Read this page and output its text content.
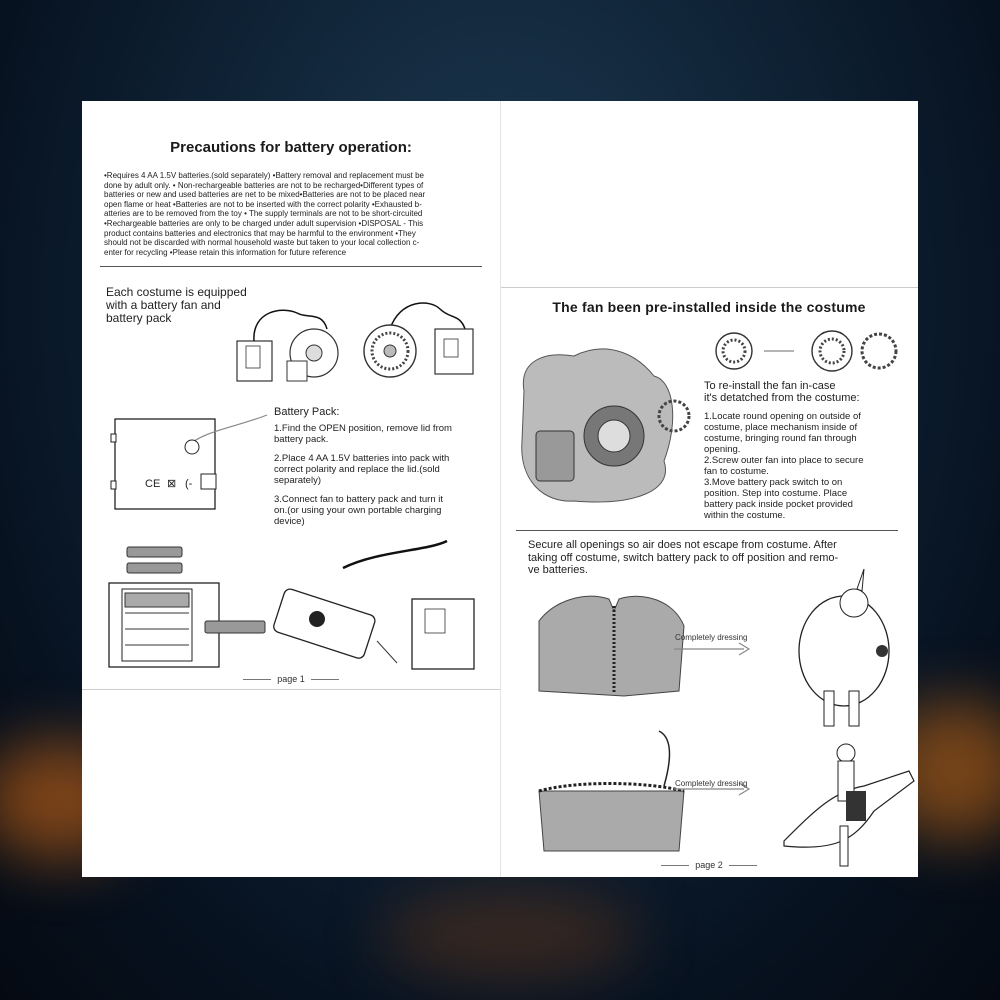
Precautions for battery operation:
•Requires 4 AA 1.5V batteries.(sold separately) •Battery removal and replacement must be
done by adult only. • Non-rechargeable batteries are not to be recharged•Different types of
batteries or new and used batteries are net to be mixed•Batteries are not to be placed near
open flame or heat •Batteries are not to be inserted with the correct polarity •Exhausted b-
atteries are to be removed from the toy • The supply terminals are not to be short-circuited
•Rechargeable batteries are only to be charged under adult supervision •DISPOSAL - This
product contains batteries and electronics that may be harmful to the environment •They
should not be discarded with normal household waste but taken to your local collection c-
enter for recycling •Please retain this information for future reference
Each costume is equipped
with a battery fan and
battery pack
CE ⊠ (-
Battery Pack:
1.Find the OPEN position, remove lid from
battery pack.
2.Place 4 AA 1.5V batteries into pack with
correct polarity and replace the lid.(sold
separately)
3.Connect fan to battery pack and turn it
on.(or using your own portable charging
device)
page 1
The fan been pre-installed inside the costume
To re-install the fan in-case
it's detatched from the costume:
1.Locate round opening on outside of
costume, place mechanism inside of
costume, bringing round fan through
opening.
2.Screw outer fan into place to secure
fan to costume.
3.Move battery pack switch to on
position. Step into costume. Place
battery pack inside pocket provided
within the costume.
Secure all openings so air does not escape from costume. After
taking off costume, switch battery pack to off position and remo-
ve batteries.
Completely dressing
Completely dressing
page 2
